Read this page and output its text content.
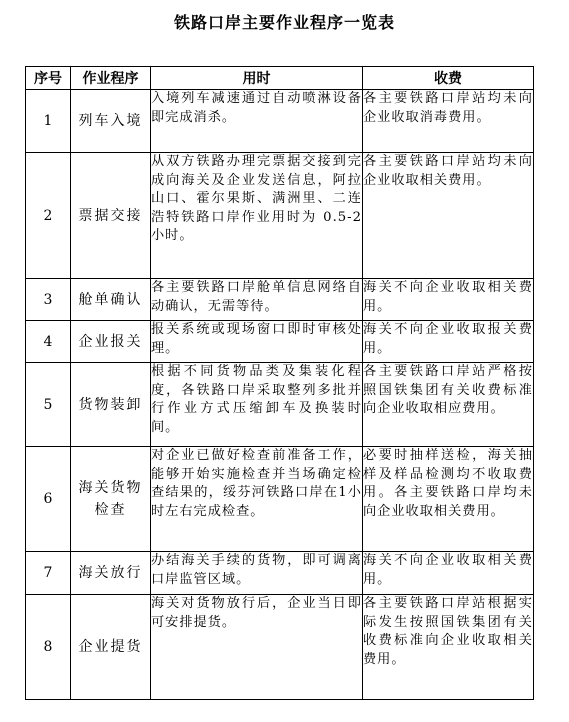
铁路口岸主要作业程序一览表
序号	作业程序	用时	收费
1	列车入境	入境列车减速通过自动喷淋设备即完成消杀。	各主要铁路口岸站均未向企业收取消毒费用。
2	票据交接	从双方铁路办理完票据交接到完成向海关及企业发送信息，阿拉山口、霍尔果斯、满洲里、二连浩特铁路口岸作业用时为 0.5-2 小时。	各主要铁路口岸站均未向企业收取相关费用。
3	舱单确认	各主要铁路口岸舱单信息网络自动确认，无需等待。	海关不向企业收取相关费用。
4	企业报关	报关系统或现场窗口即时审核处理。	海关不向企业收取报关费用。
5	货物装卸	根据不同货物品类及集装化程度，各铁路口岸采取整列多批并行作业方式压缩卸车及换装时间。	各主要铁路口岸站严格按照国铁集团有关收费标准向企业收取相应费用。
6	海关货物检查	对企业已做好检查前准备工作，能够开始实施检查并当场确定检查结果的，绥芬河铁路口岸在1小时左右完成检查。	必要时抽样送检，海关抽样及样品检测均不收取费用。各主要铁路口岸均未向企业收取相关费用。
7	海关放行	办结海关手续的货物，即可调离口岸监管区域。	海关不向企业收取相关费用。
8	企业提货	海关对货物放行后，企业当日即可安排提货。	各主要铁路口岸站根据实际发生按照国铁集团有关收费标准向企业收取相关费用。
